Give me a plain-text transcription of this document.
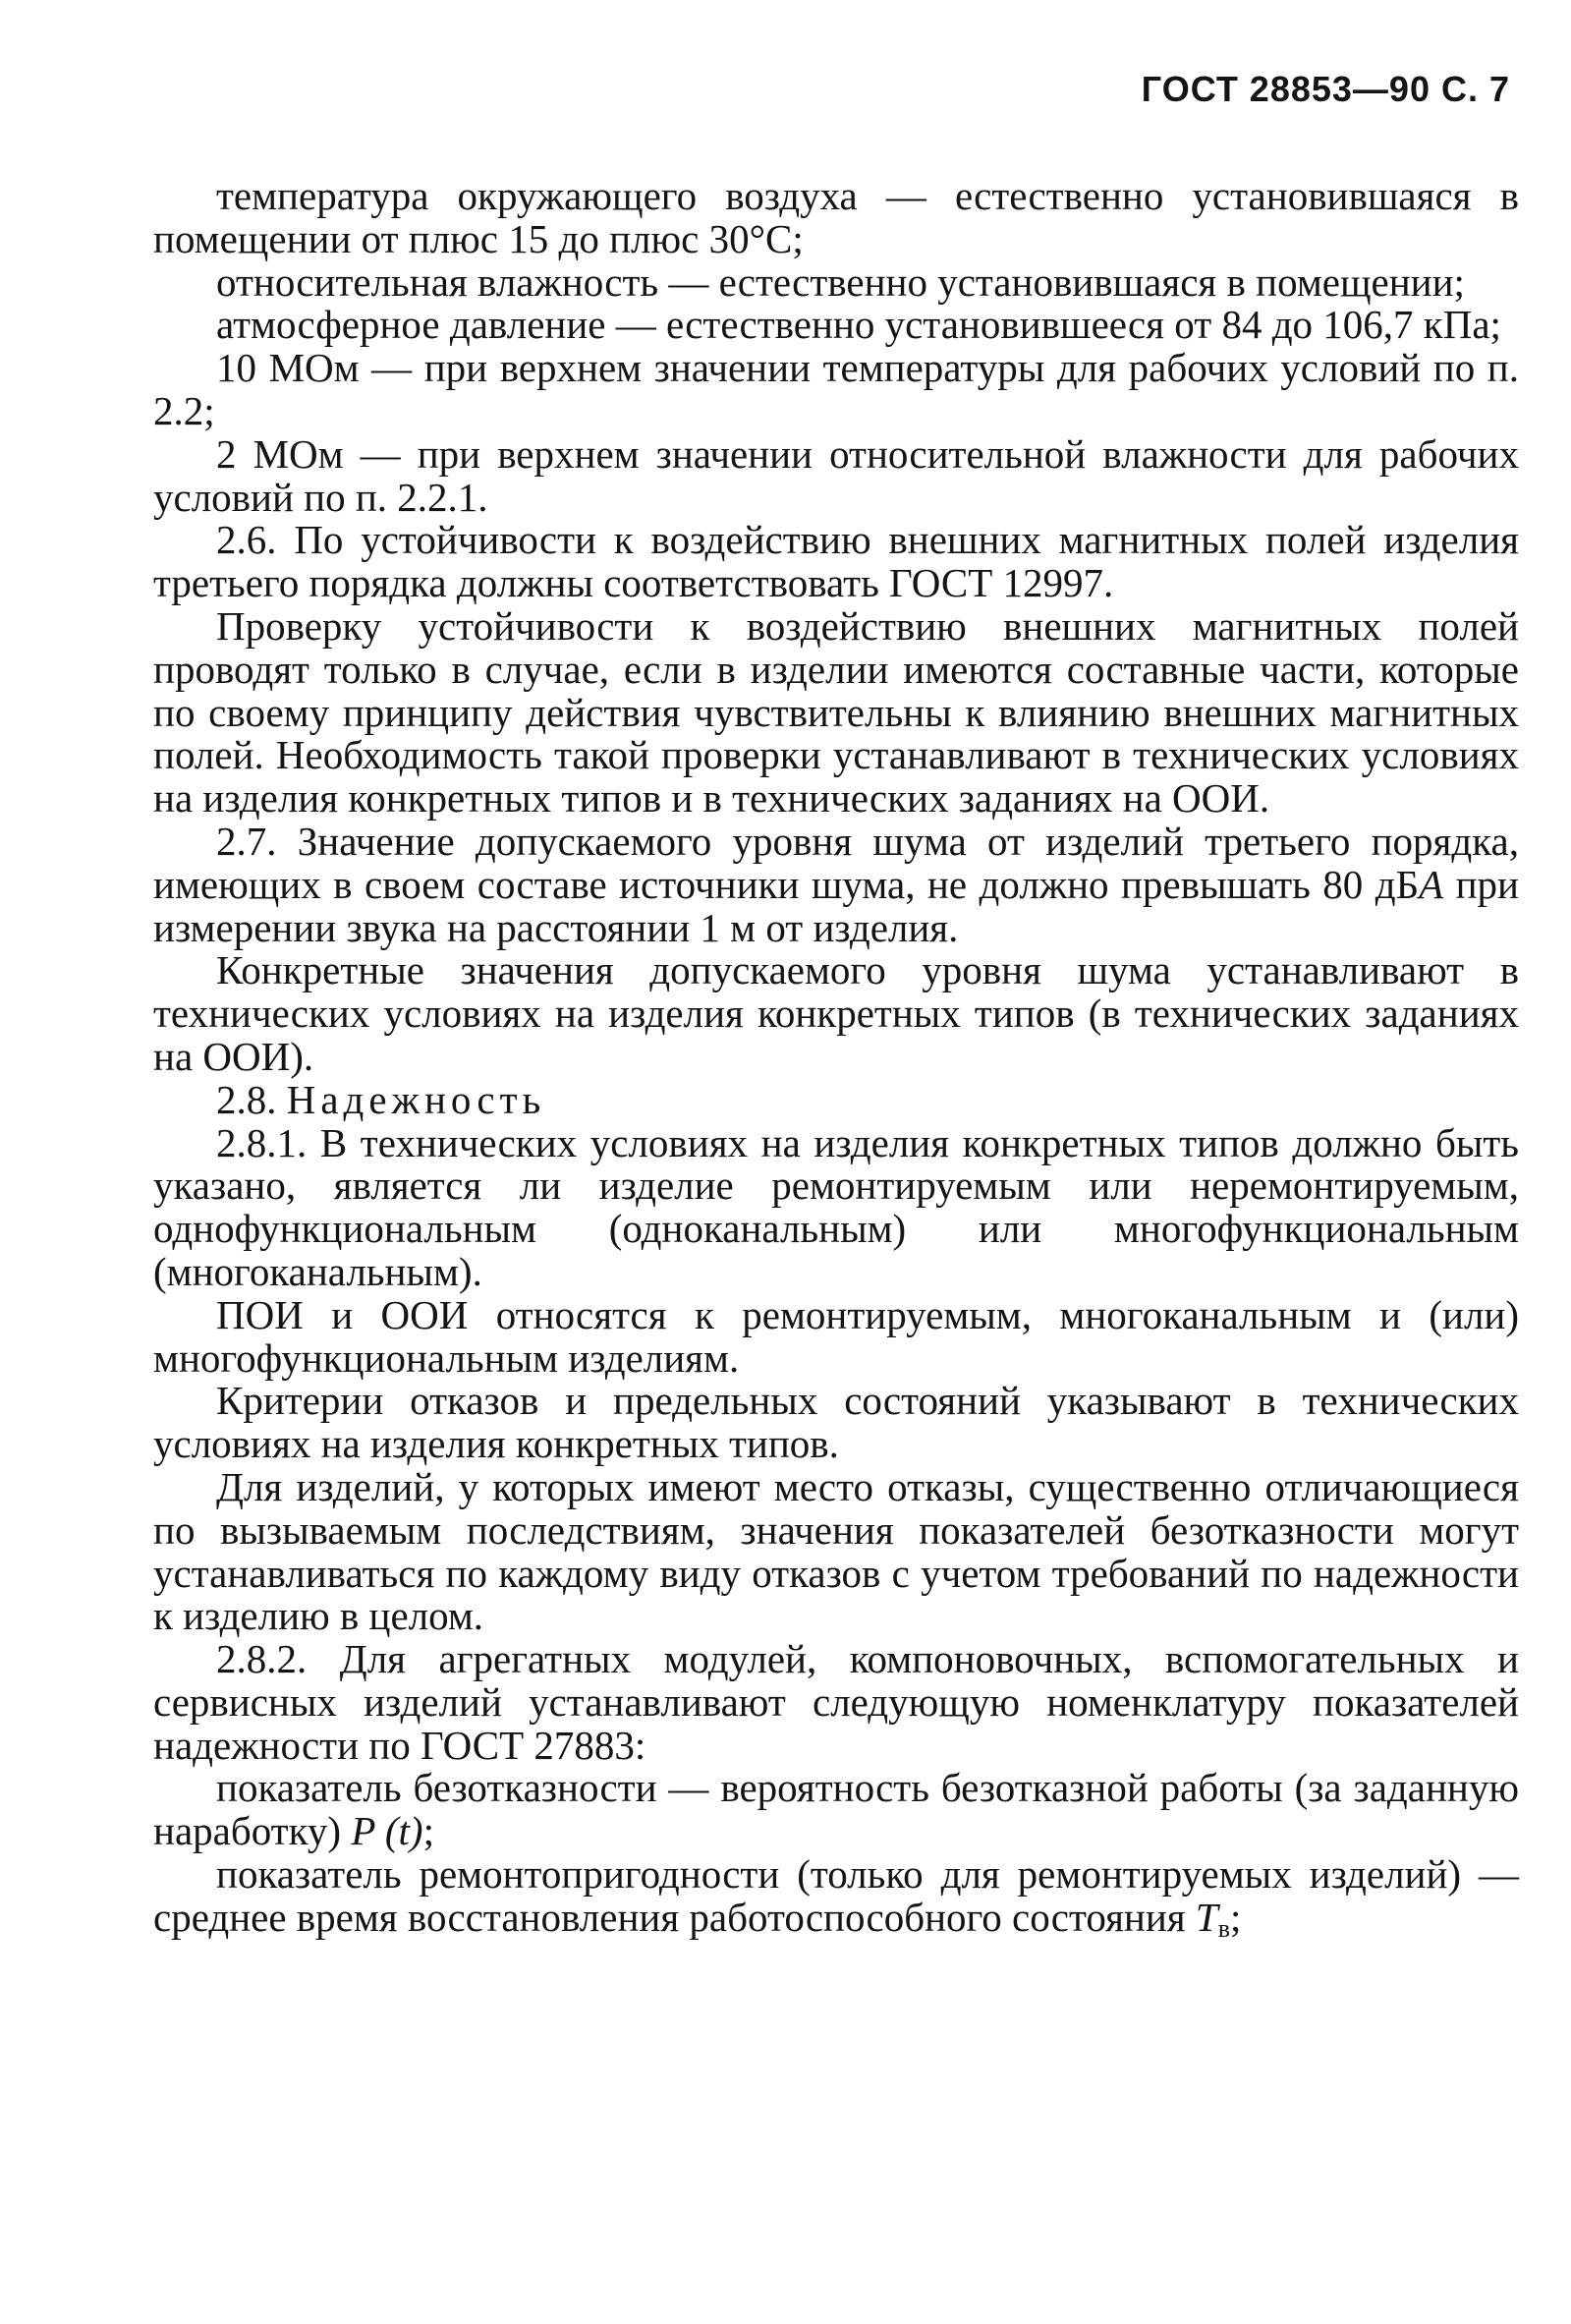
ГОСТ 28853—90 С. 7

температура окружающего воздуха — естественно установившаяся в помещении от плюс 15 до плюс 30°С;

относительная влажность — естественно установившаяся в помещении;

атмосферное давление — естественно установившееся от 84 до 106,7 кПа;

10 МОм — при верхнем значении температуры для рабочих условий по п. 2.2;

2 МОм — при верхнем значении относительной влажности для рабочих условий по п. 2.2.1.

2.6. По устойчивости к воздействию внешних магнитных полей изделия третьего порядка должны соответствовать ГОСТ 12997.

Проверку устойчивости к воздействию внешних магнитных полей проводят только в случае, если в изделии имеются составные части, которые по своему принципу действия чувствительны к влиянию внешних магнитных полей. Необходимость такой проверки устанавливают в технических условиях на изделия конкретных типов и в технических заданиях на ООИ.

2.7. Значение допускаемого уровня шума от изделий третьего порядка, имеющих в своем составе источники шума, не должно превышать 80 дБА при измерении звука на расстоянии 1 м от изделия.

Конкретные значения допускаемого уровня шума устанавливают в технических условиях на изделия конкретных типов (в технических заданиях на ООИ).

2.8. Надежность

2.8.1. В технических условиях на изделия конкретных типов должно быть указано, является ли изделие ремонтируемым или неремонтируемым, однофункциональным (одноканальным) или многофункциональным (многоканальным).

ПОИ и ООИ относятся к ремонтируемым, многоканальным и (или) многофункциональным изделиям.

Критерии отказов и предельных состояний указывают в технических условиях на изделия конкретных типов.

Для изделий, у которых имеют место отказы, существенно отличающиеся по вызываемым последствиям, значения показателей безотказности могут устанавливаться по каждому виду отказов с учетом требований по надежности к изделию в целом.

2.8.2. Для агрегатных модулей, компоновочных, вспомогательных и сервисных изделий устанавливают следующую номенклатуру показателей надежности по ГОСТ 27883:

показатель безотказности — вероятность безотказной работы (за заданную наработку) P (t);

показатель ремонтопригодности (только для ремонтируемых изделий) — среднее время восстановления работоспособного состояния $T_в$;
